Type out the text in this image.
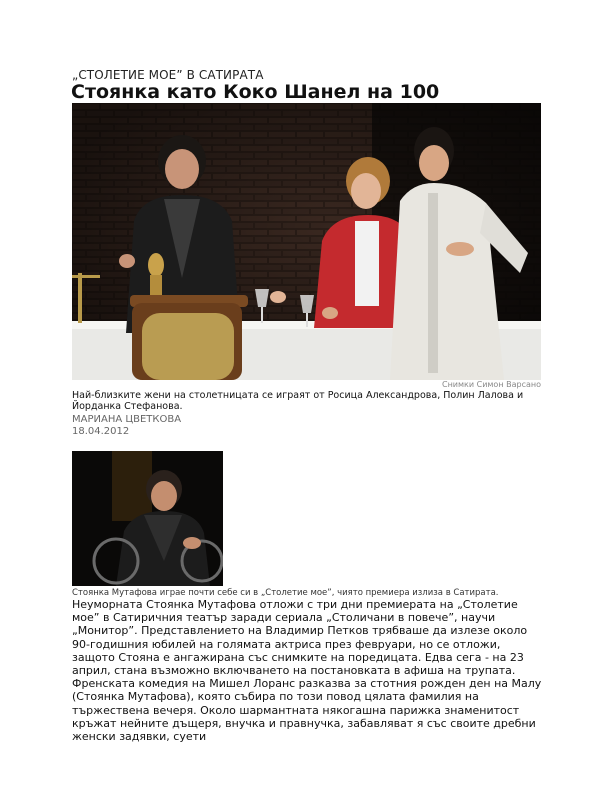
„СТОЛЕТИЕ МОЕ” В САТИРАТА
Стоянка като Коко Шанел на 100
Снимки Симон Варсано
Най-близките жени на столетницата се играят от Росица Александрова, Полин Лалова и Йорданка Стефанова.
МАРИАНА ЦВЕТКОВА
18.04.2012
Стоянка Мутафова играе почти себе си в „Столетие мое”, чиято премиера излиза в Сатирата.

Неуморната Стоянка Мутафова отложи с три дни премиерата на „Столетие мое” в Сатиричния театър заради сериала „Столичани в повече”, научи „Монитор”. Представлението на Владимир Петков трябваше да излезе около 90-годишния юбилей на голямата актриса през февруари, но се отложи, защото Стояна е ангажирана със снимките на поредицата. Едва сега - на 23 април, стана възможно включването на постановката в афиша на трупата.

Френската комедия на Мишел Лоранс разказва за стотния рожден ден на Малу (Стоянка Мутафова), която събира по този повод цялата фамилия на тържествена вечеря. Около шармантната някогашна парижка знаменитост кръжат нейните дъщеря, внучка и правнучка, забавляват я със своите дребни женски задявки, суети
